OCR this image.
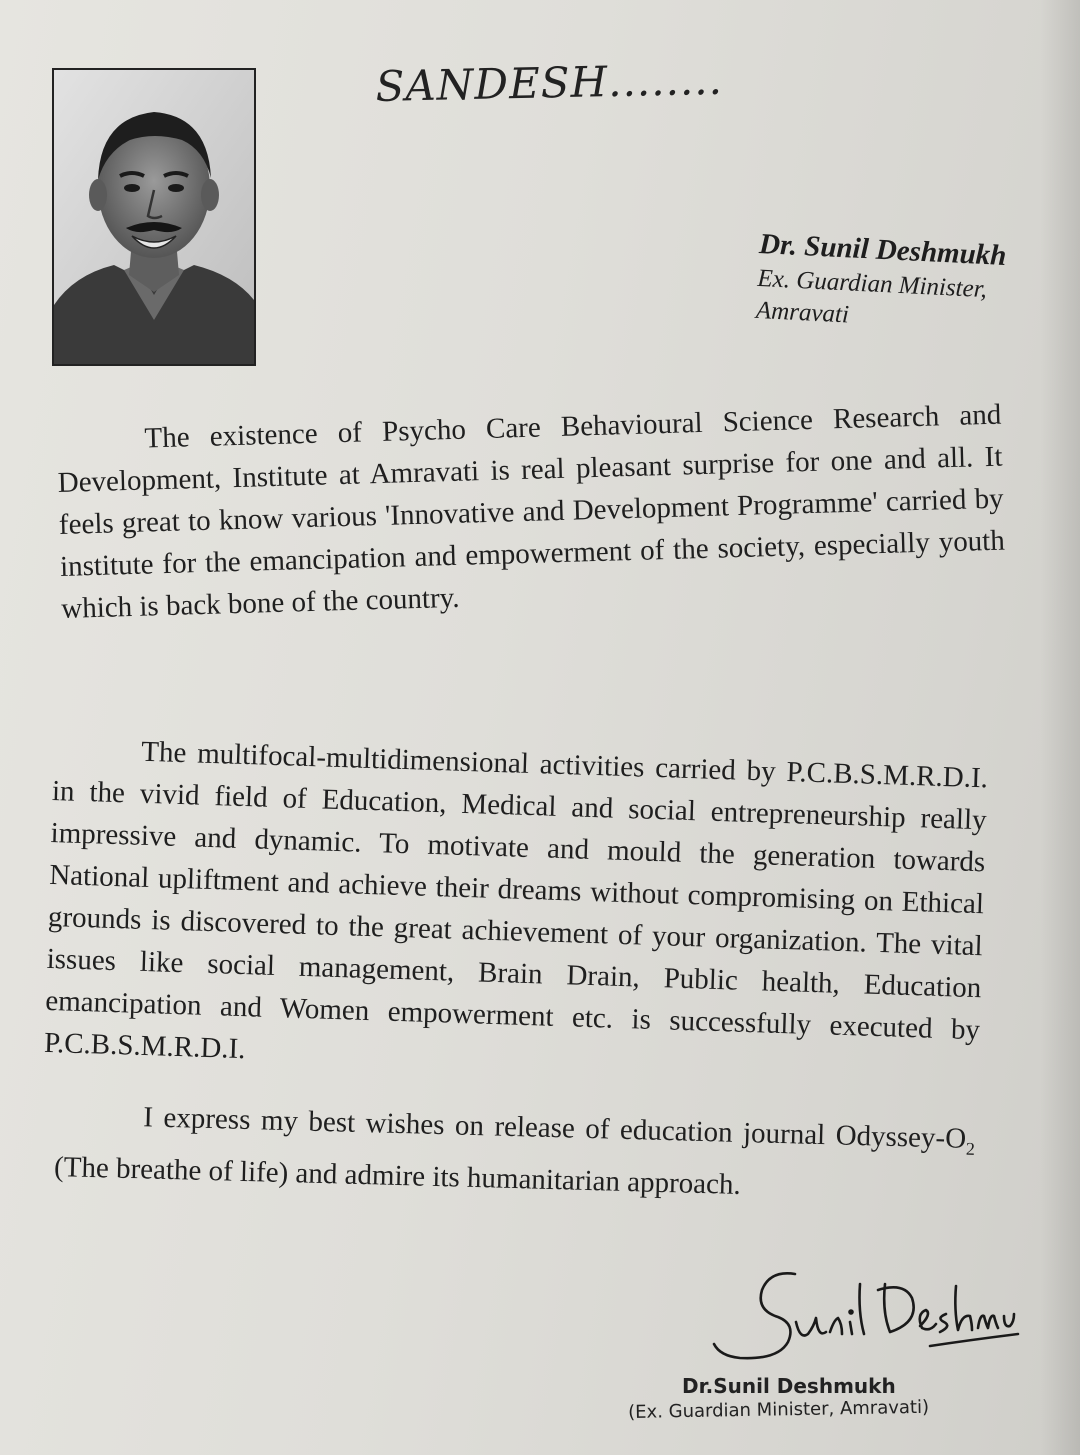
SANDESH........
Dr. Sunil Deshmukh
Ex. Guardian Minister,
Amravati
The existence of Psycho Care Behavioural Science Research and Development, Institute at Amravati is real pleasant surprise for one and all. It feels great to know various 'Innovative and Development Programme' carried by institute for the emancipation and empowerment of the society, especially youth which is back bone of the country.
The multifocal-multidimensional activities carried by P.C.B.S.M.R.D.I. in the vivid field of Education, Medical and social entrepreneurship really impressive and dynamic. To motivate and mould the generation towards National upliftment and achieve their dreams without compromising on Ethical grounds is discovered to the great achievement of your organization. The vital issues like social management, Brain Drain, Public health, Education emancipation and Women empowerment etc. is successfully executed by P.C.B.S.M.R.D.I.
I express my best wishes on release of education journal Odyssey-$O_2$ (The breathe of life) and admire its humanitarian approach.
Dr.Sunil Deshmukh
(Ex. Guardian Minister, Amravati)
